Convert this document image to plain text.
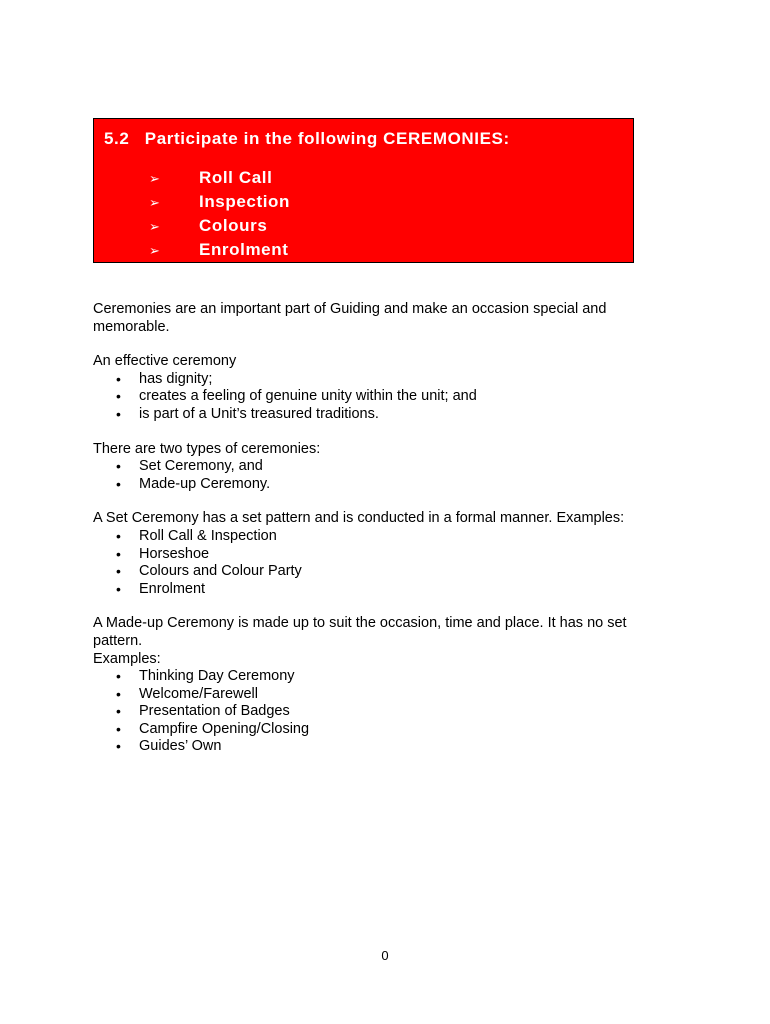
5.2 Participate in the following CEREMONIES:
➢	Roll Call
➢	Inspection
➢	Colours
➢	Enrolment

Ceremonies are an important part of Guiding and make an occasion special and

memorable.

An effective ceremony

• has dignity;
• creates a feeling of genuine unity within the unit; and
• is part of a Unit’s treasured traditions.

There are two types of ceremonies:

• Set Ceremony, and
• Made-up Ceremony.

A Set Ceremony has a set pattern and is conducted in a formal manner. Examples:

• Roll Call & Inspection
• Horseshoe
• Colours and Colour Party
• Enrolment

A Made-up Ceremony is made up to suit the occasion, time and place. It has no set

pattern.

Examples:

• Thinking Day Ceremony
• Welcome/Farewell
• Presentation of Badges
• Campfire Opening/Closing
• Guides’ Own
0
